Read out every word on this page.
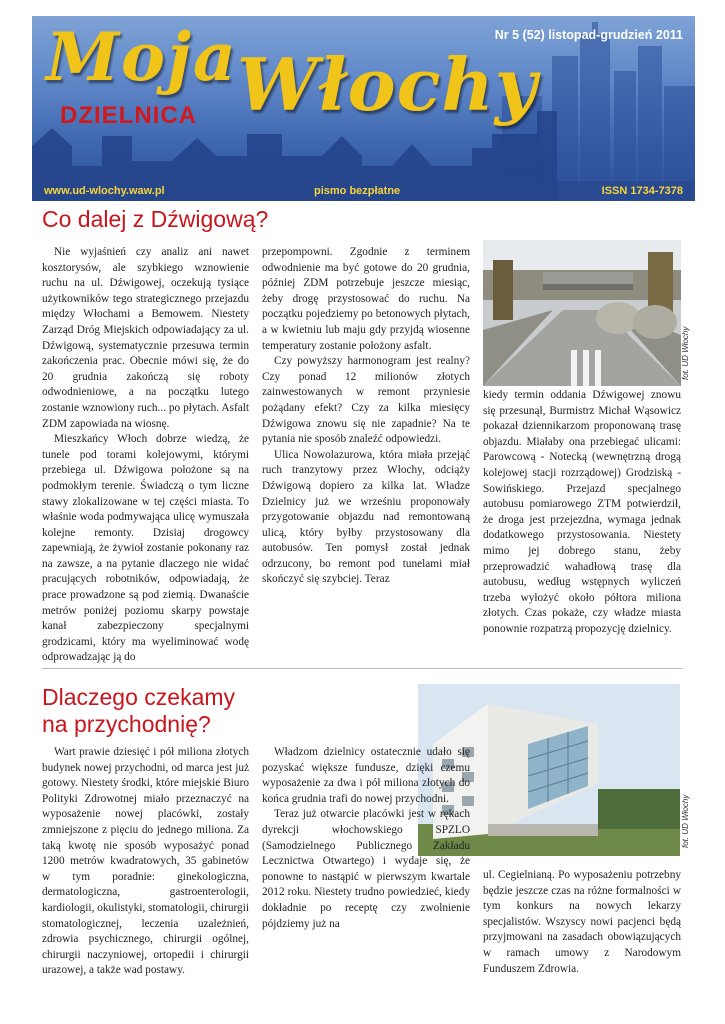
Moja Włochy
DZIELNICA
Nr 5 (52) listopad-grudzień 2011
www.ud-wlochy.waw.pl	pismo bezpłatne	ISSN 1734-7378
Co dalej z Dźwigową?

Nie wyjaśnień czy analiz ani nawet kosztorysów, ale szybkiego wznowienie ruchu na ul. Dźwigowej, oczekują tysiące użytkowników tego strategicznego przejazdu między Włochami a Bemowem. Niestety Zarząd Dróg Miejskich odpowiadający za ul. Dźwigową, systematycznie przesuwa termin zakończenia prac. Obecnie mówi się, że do 20 grudnia zakończą się roboty odwodnieniowe, a na początku lutego zostanie wznowiony ruch... po płytach. Asfalt ZDM zapowiada na wiosnę.

Mieszkańcy Włoch dobrze wiedzą, że tunele pod torami kolejowymi, którymi przebiega ul. Dźwigowa położone są na podmokłym terenie. Świadczą o tym liczne stawy zlokalizowane w tej części miasta. To właśnie woda podmywająca ulicę wymuszała kolejne remonty. Dzisiaj drogowcy zapewniają, że żywioł zostanie pokonany raz na zawsze, a na pytanie dlaczego nie widać pracujących robotników, odpowiadają, że prace prowadzone są pod ziemią. Dwanaście metrów poniżej poziomu skarpy powstaje kanał zabezpieczony specjalnymi grodzicami, który ma wyeliminować wodę odprowadzając ją do

przepompowni. Zgodnie z terminem odwodnienie ma być gotowe do 20 grudnia, później ZDM potrzebuje jeszcze miesiąc, żeby drogę przystosować do ruchu. Na początku pojedziemy po betonowych płytach, a w kwietniu lub maju gdy przyjdą wiosenne temperatury zostanie położony asfalt.

Czy powyższy harmonogram jest realny? Czy ponad 12 milionów złotych zainwestowanych w remont przyniesie pożądany efekt? Czy za kilka miesięcy Dźwigowa znowu się nie zapadnie? Na te pytania nie sposób znaleźć odpowiedzi.

Ulica Nowolazurowa, która miała przejąć ruch tranzytowy przez Włochy, odciąży Dźwigową dopiero za kilka lat. Władze Dzielnicy już we wrześniu proponowały przygotowanie objazdu nad remontowaną ulicą, który byłby przystosowany dla autobusów. Ten pomysł został jednak odrzucony, bo remont pod tunelami miał skończyć się szybciej. Teraz

fot. UD Włochy

kiedy termin oddania Dźwigowej znowu się przesunął, Burmistrz Michał Wąsowicz pokazał dziennikarzom proponowaną trasę objazdu. Miałaby ona przebiegać ulicami: Parowcową - Notecką (wewnętrzną drogą kolejowej stacji rozrządowej) Grodziską - Sowińskiego. Przejazd specjalnego autobusu pomiarowego ZTM potwierdził, że droga jest przejezdna, wymaga jednak dodatkowego przystosowania. Niestety mimo jej dobrego stanu, żeby przeprowadzić wahadłową trasę dla autobusu, według wstępnych wyliczeń trzeba wyłożyć około półtora miliona złotych. Czas pokaże, czy władze miasta ponownie rozpatrzą propozycję dzielnicy.

Dlaczego czekamy
na przychodnię?

Wart prawie dziesięć i pół miliona złotych budynek nowej przychodni, od marca jest już gotowy. Niestety środki, które miejskie Biuro Polityki Zdrowotnej miało przeznaczyć na wyposażenie nowej placówki, zostały zmniejszone z pięciu do jednego miliona. Za taką kwotę nie sposób wyposażyć ponad 1200 metrów kwadratowych, 35 gabinetów w tym poradnie: ginekologiczna, dermatologiczna, gastroenterologii, kardiologii, okulistyki, stomatologii, chirurgii stomatologicznej, leczenia uzależnień, zdrowia psychicznego, chirurgii ogólnej, chirurgii naczyniowej, ortopedii i chirurgii urazowej, a także wad postawy.

fot. UD Włochy

Władzom dzielnicy ostatecznie udało się pozyskać większe fundusze, dzięki czemu wyposażenie za dwa i pół miliona złotych do końca grudnia trafi do nowej przychodni.

Teraz już otwarcie placówki jest w rękach dyrekcji włochowskiego SPZLO (Samodzielnego Publicznego Zakładu Lecznictwa Otwartego) i wydaje się, że ponowne to nastąpić w pierwszym kwartale 2012 roku. Niestety trudno powiedzieć, kiedy dokładnie po receptę czy zwolnienie pójdziemy już na

ul. Cegielnianą. Po wyposażeniu potrzebny będzie jeszcze czas na różne formalności w tym konkurs na nowych lekarzy specjalistów. Wszyscy nowi pacjenci będą przyjmowani na zasadach obowiązujących w ramach umowy z Narodowym Funduszem Zdrowia.
